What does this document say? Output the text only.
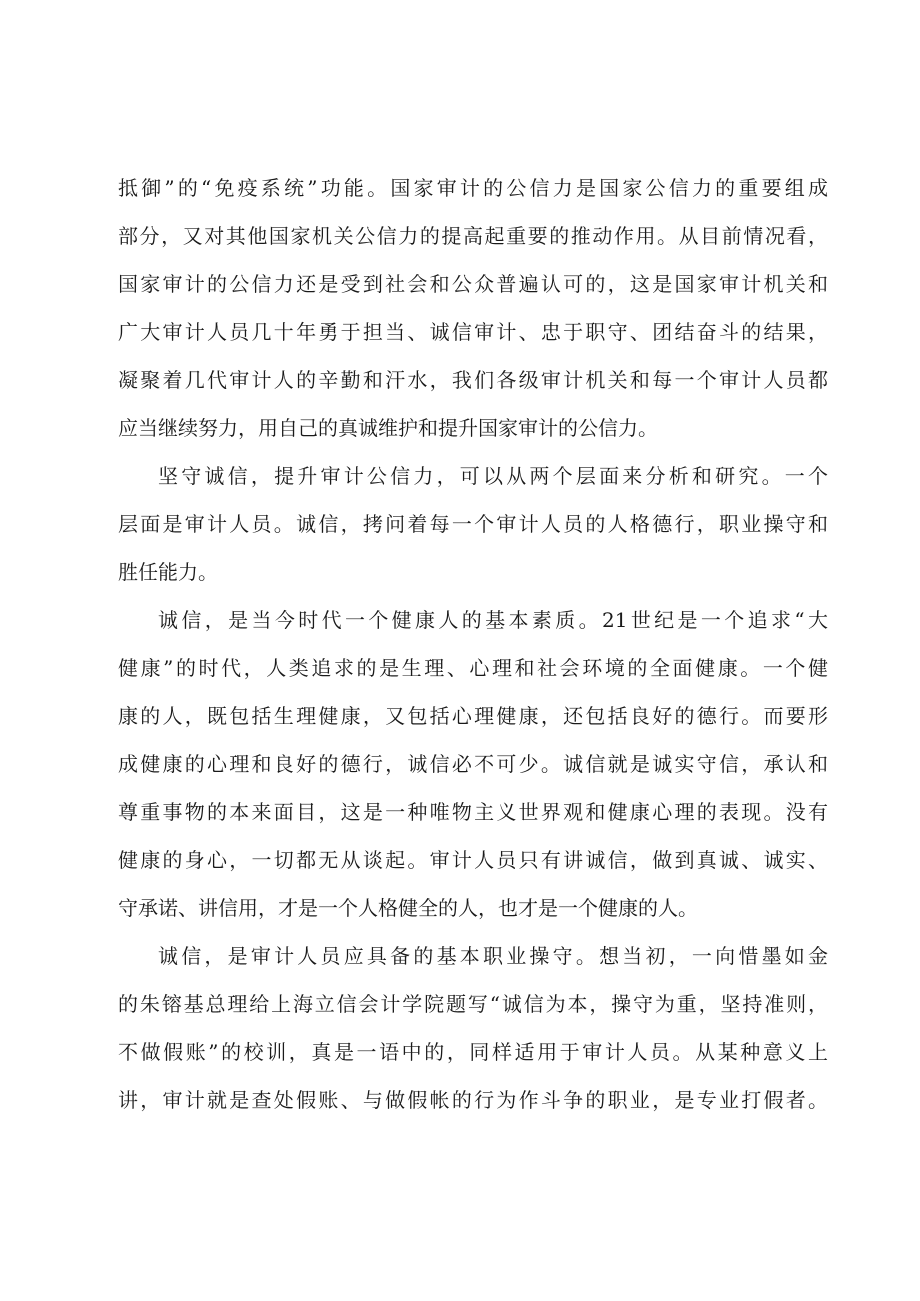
抵御”的“免疫系统”功能。国家审计的公信力是国家公信力的重要组成
部分，又对其他国家机关公信力的提高起重要的推动作用。从目前情况看，
国家审计的公信力还是受到社会和公众普遍认可的，这是国家审计机关和
广大审计人员几十年勇于担当、诚信审计、忠于职守、团结奋斗的结果，
凝聚着几代审计人的辛勤和汗水，我们各级审计机关和每一个审计人员都
应当继续努力，用自己的真诚维护和提升国家审计的公信力。
坚守诚信，提升审计公信力，可以从两个层面来分析和研究。一个
层面是审计人员。诚信，拷问着每一个审计人员的人格德行，职业操守和
胜任能力。
诚信，是当今时代一个健康人的基本素质。21世纪是一个追求“大
健康”的时代，人类追求的是生理、心理和社会环境的全面健康。一个健
康的人，既包括生理健康，又包括心理健康，还包括良好的德行。而要形
成健康的心理和良好的德行，诚信必不可少。诚信就是诚实守信，承认和
尊重事物的本来面目，这是一种唯物主义世界观和健康心理的表现。没有
健康的身心，一切都无从谈起。审计人员只有讲诚信，做到真诚、诚实、
守承诺、讲信用，才是一个人格健全的人，也才是一个健康的人。
诚信，是审计人员应具备的基本职业操守。想当初，一向惜墨如金
的朱镕基总理给上海立信会计学院题写“诚信为本，操守为重，坚持准则，
不做假账”的校训，真是一语中的，同样适用于审计人员。从某种意义上
讲，审计就是查处假账、与做假帐的行为作斗争的职业，是专业打假者。
